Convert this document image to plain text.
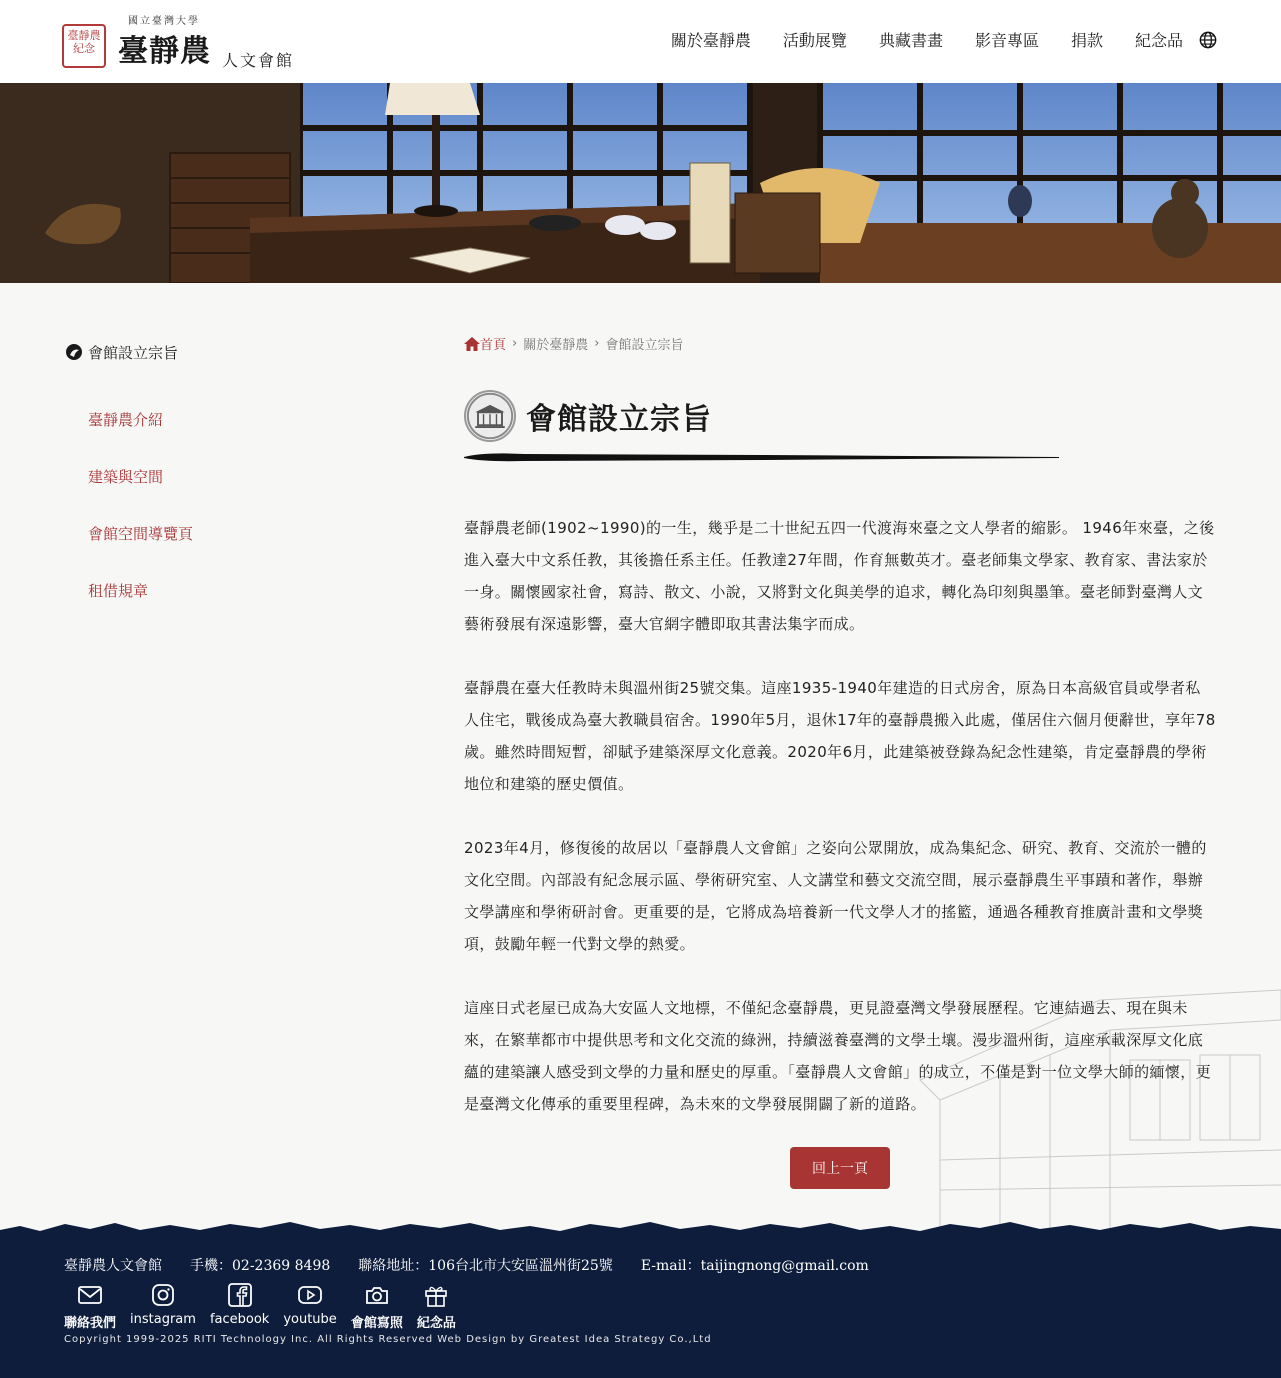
臺靜農紀念
國立臺灣大學
臺靜農 人文會館
關於臺靜農 活動展覽 典藏書畫 影音專區 捐款 紀念品
會館設立宗旨
臺靜農介紹
建築與空間
會館空間導覽頁
租借規章
首頁 › 關於臺靜農 › 會館設立宗旨
會館設立宗旨

臺靜農老師(1902~1990)的一生，幾乎是二十世紀五四一代渡海來臺之文人學者的縮影。 1946年來臺，之後進入臺大中文系任教，其後擔任系主任。任教達27年間，作育無數英才。臺老師集文學家、教育家、書法家於一身。關懷國家社會，寫詩、散文、小說，又將對文化與美學的追求，轉化為印刻與墨筆。臺老師對臺灣人文藝術發展有深遠影響，臺大官網字體即取其書法集字而成。

臺靜農在臺大任教時未與溫州街25號交集。這座1935-1940年建造的日式房舍，原為日本高級官員或學者私人住宅，戰後成為臺大教職員宿舍。1990年5月，退休17年的臺靜農搬入此處，僅居住六個月便辭世，享年78歲。雖然時間短暫，卻賦予建築深厚文化意義。2020年6月，此建築被登錄為紀念性建築，肯定臺靜農的學術地位和建築的歷史價值。

2023年4月，修復後的故居以「臺靜農人文會館」之姿向公眾開放，成為集紀念、研究、教育、交流於一體的文化空間。內部設有紀念展示區、學術研究室、人文講堂和藝文交流空間，展示臺靜農生平事蹟和著作，舉辦文學講座和學術研討會。更重要的是，它將成為培養新一代文學人才的搖籃，通過各種教育推廣計畫和文學獎項，鼓勵年輕一代對文學的熱愛。

這座日式老屋已成為大安區人文地標，不僅紀念臺靜農，更見證臺灣文學發展歷程。它連結過去、現在與未來，在繁華都市中提供思考和文化交流的綠洲，持續滋養臺灣的文學土壤。漫步溫州街，這座承載深厚文化底蘊的建築讓人感受到文學的力量和歷史的厚重。「臺靜農人文會館」的成立，不僅是對一位文學大師的緬懷，更是臺灣文化傳承的重要里程碑，為未來的文學發展開闢了新的道路。

回上一頁
臺靜農人文會館 手機：02-2369 8498 聯絡地址：106台北市大安區溫州街25號 E-mail：taijingnong@gmail.com
聯絡我們 instagram facebook youtube 會館寫照 紀念品
Copyright 1999-2025 RITI Technology Inc. All Rights Reserved Web Design by Greatest Idea Strategy Co.,Ltd
